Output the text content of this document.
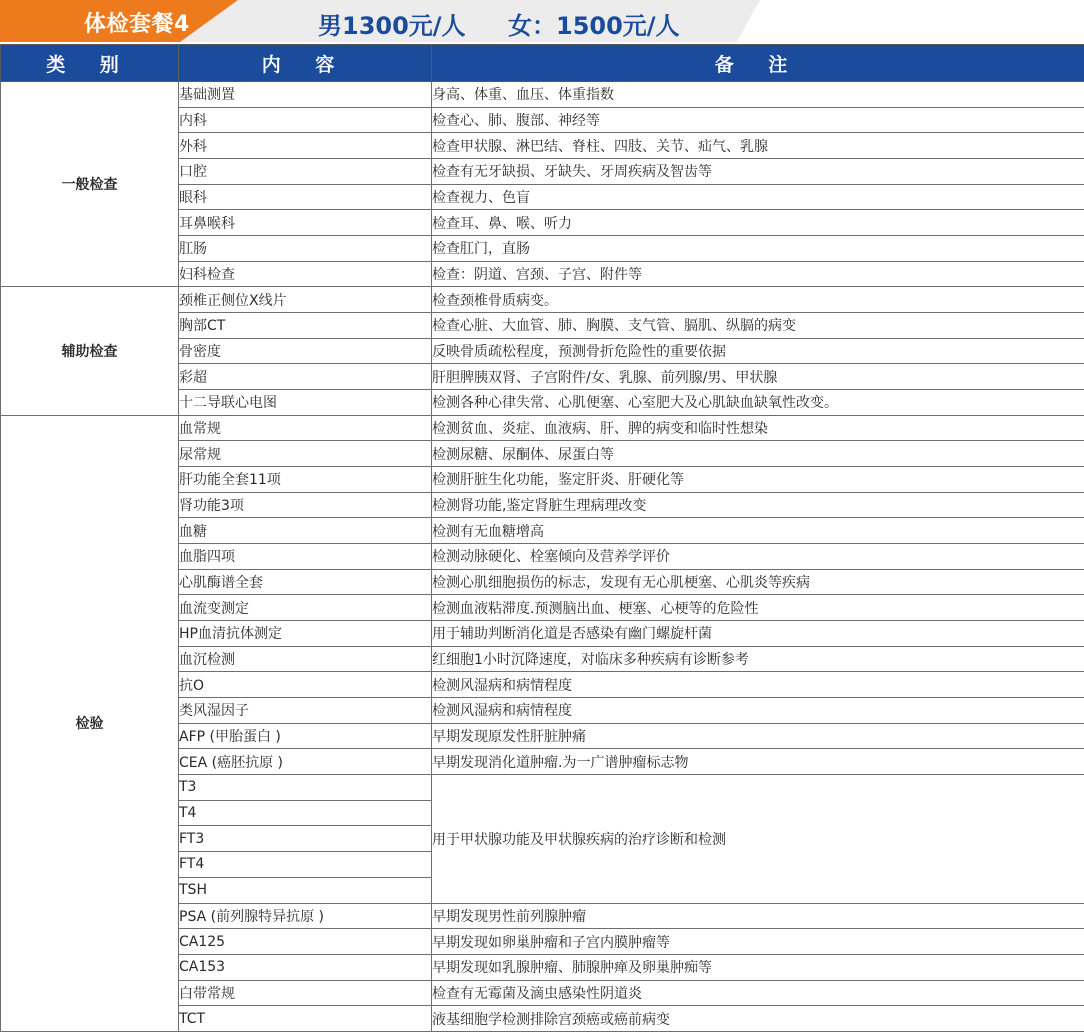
体检套餐4	男1300元/人 女：1500元/人
类 别	内 容	备 注
一般检查	基础测置	身高、体重、血压、体重指数
	内科	检查心、肺、腹部、神经等
	外科	检查甲状腺、淋巴结、脊柱、四肢、关节、疝气、乳腺
	口腔	检查有无牙缺损、牙缺失、牙周疾病及智齿等
	眼科	检查视力、色盲
	耳鼻喉科	检查耳、鼻、喉、听力
	肛肠	检查肛门，直肠
	妇科检查	检查：阴道、宫颈、子宫、附件等
辅助检查	颈椎正侧位X线片	检查颈椎骨质病变。
	胸部CT	检查心脏、大血管、肺、胸膜、支气管、膈肌、纵膈的病变
	骨密度	反映骨质疏松程度，预测骨折危险性的重要依据
	彩超	肝胆脾胰双肾、子宫附件/女、乳腺、前列腺/男、甲状腺
	十二导联心电图	检测各种心律失常、心肌便塞、心室肥大及心肌缺血缺氧性改变。
检验	血常规	检测贫血、炎症、血液病、肝、脾的病变和临时性想染
	尿常规	检测尿糖、尿酮体、尿蛋白等
	肝功能全套11项	检测肝脏生化功能，鉴定肝炎、肝硬化等
	肾功能3项	检测肾功能,鉴定肾脏生理病理改变
	血糖	检测有无血糖增高
	血脂四项	检测动脉硬化、栓塞倾向及营养学评价
	心肌酶谱全套	检测心肌细胞损伤的标志，发现有无心肌梗塞、心肌炎等疾病
	血流变测定	检测血液粘滞度.预测脑出血、梗塞、心梗等的危险性
	HP血清抗体测定	用于辅助判断消化道是否感染有幽门螺旋杆菌
	血沉检测	红细胞1小时沉降速度，对临床多种疾病有诊断参考
	抗O	检测风湿病和病情程度
	类风湿因子	检测风湿病和病情程度
	AFP (甲胎蛋白 )	早期发现原发性肝脏肿痛
	CEA (癌胚抗原 )	早期发现消化道肿瘤.为一广谱肿瘤标志物
	T3	用于甲状腺功能及甲状腺疾病的治疗诊断和检测
	T4	
	FT3	
	FT4	
	TSH	
	PSA (前列腺特异抗原 )	早期发现男性前列腺肿瘤
	CA125	早期发现如卵巢肿瘤和子宫内膜肿瘤等
	CA153	早期发现如乳腺肿瘤、肺腺肿瘅及卵巢肿痴等
	白带常规	检查有无霉菌及滴虫感染性阴道炎
	TCT	液基细胞学检测排除宫颈癌或癌前病变
